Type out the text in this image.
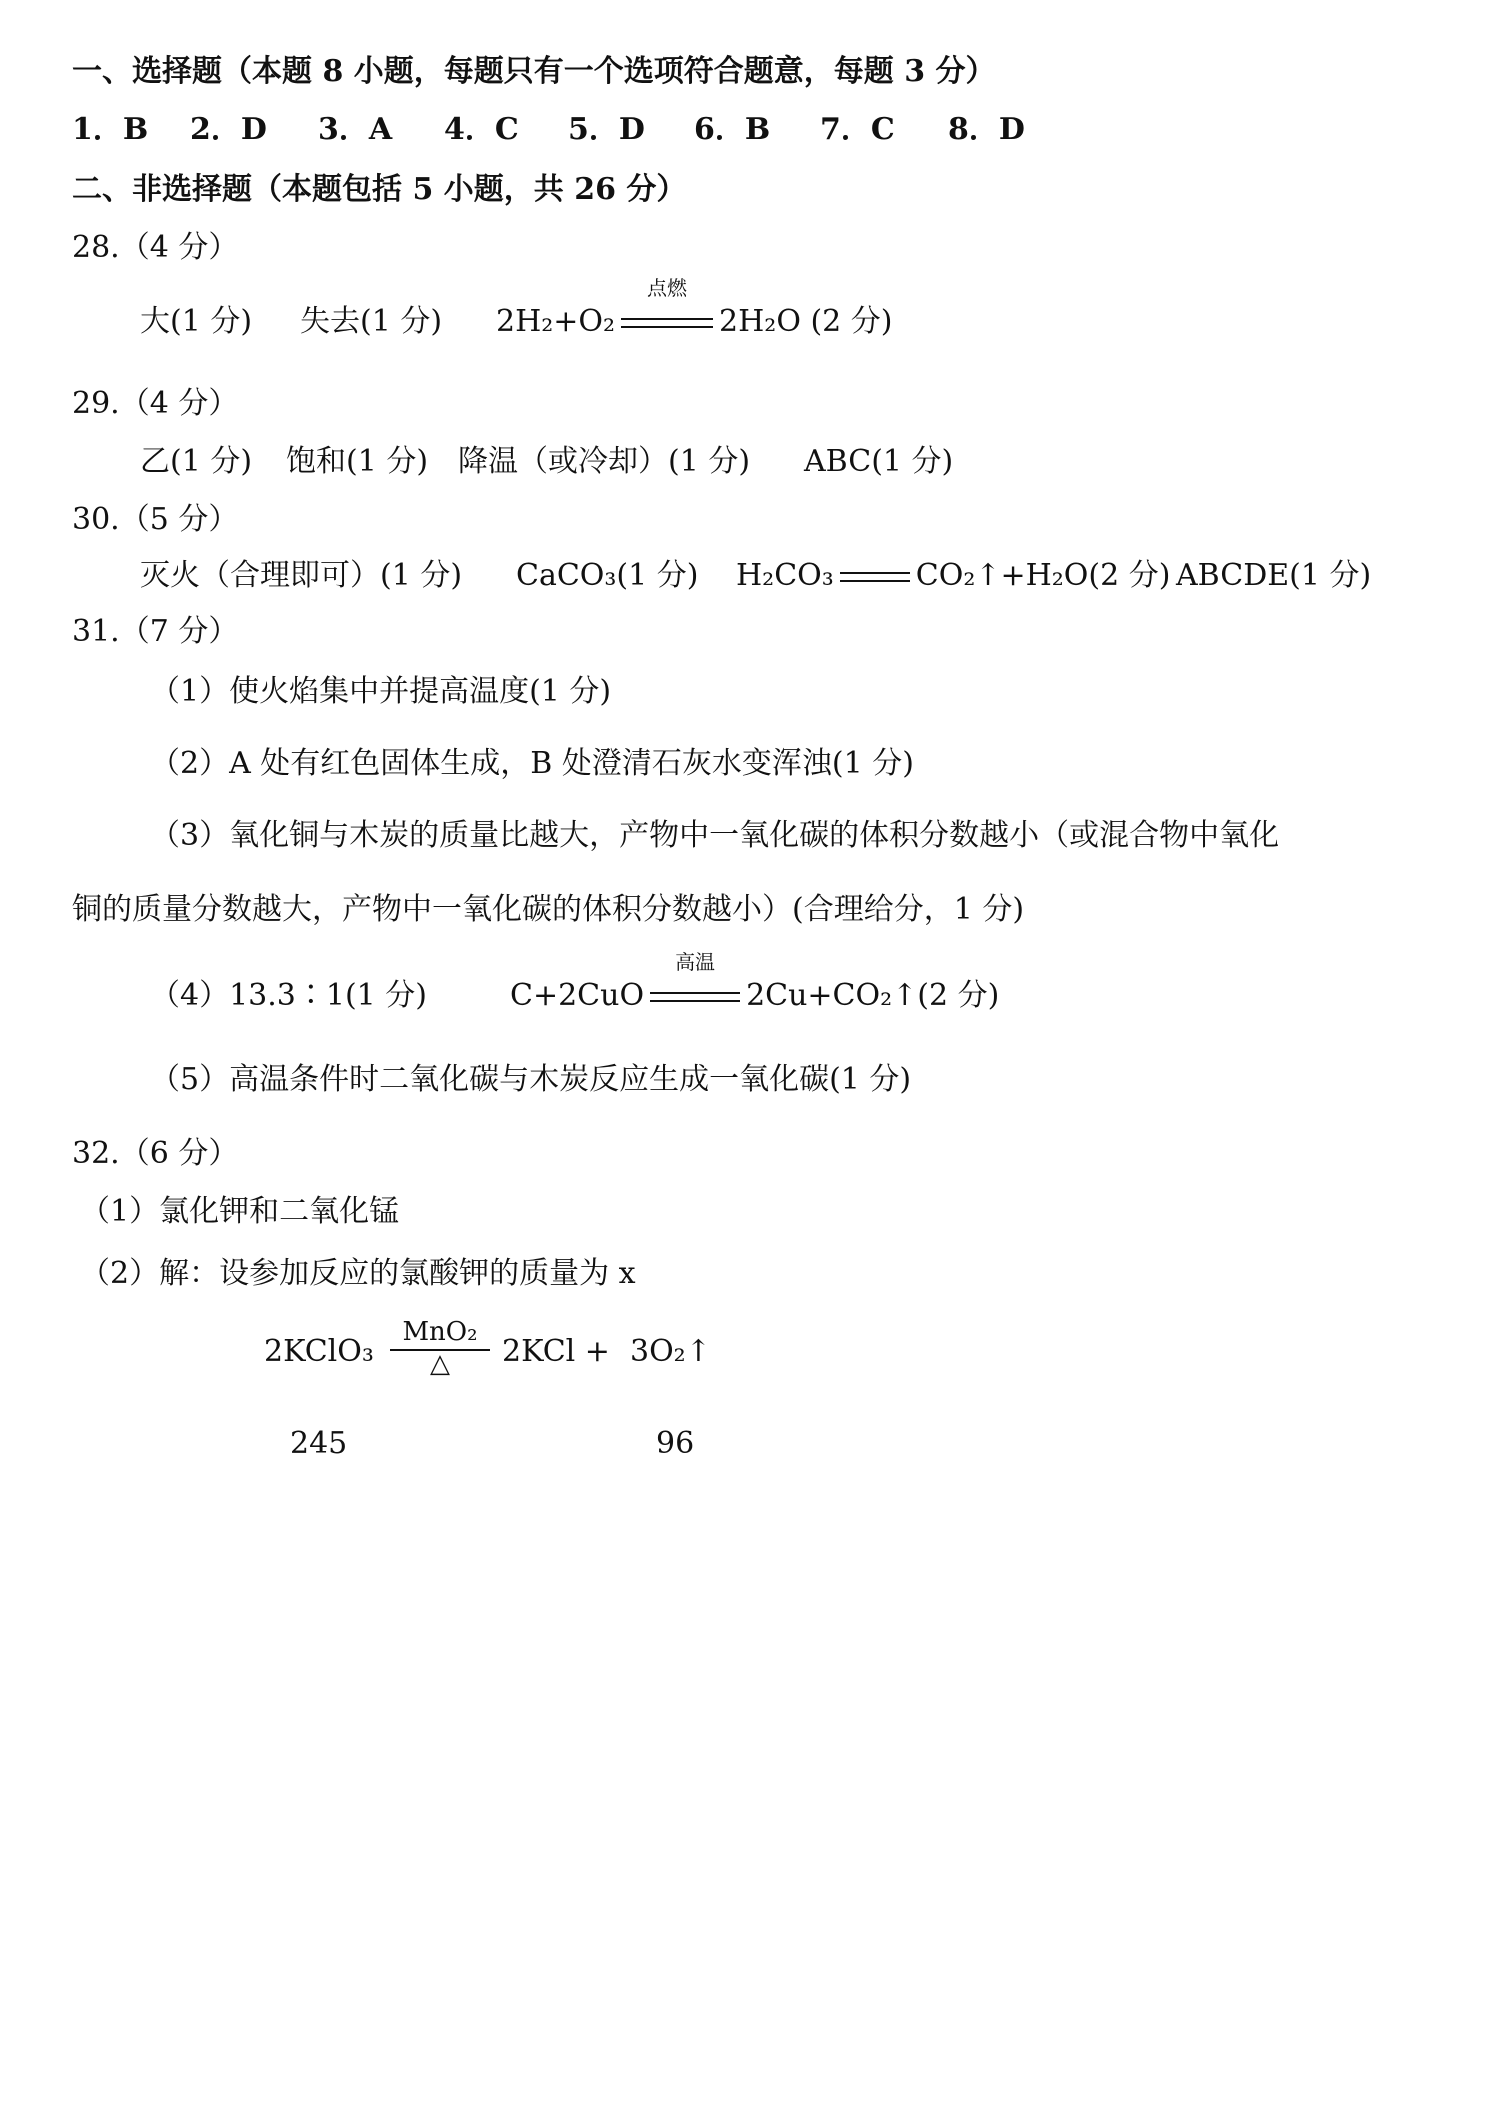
一、选择题（本题 8 小题，每题只有一个选项符合题意，每题 3 分）
1．B 2．D 3．A 4．C 5．D 6．B 7．C 8．D
二、非选择题（本题包括 5 小题，共 26 分）
28.（4 分）
大(1 分) 失去(1 分) 2H₂+O₂
点燃
2H₂O (2 分)
29.（4 分）
乙(1 分) 饱和(1 分) 降温（或冷却）(1 分) ABC(1 分)
30.（5 分）
灭火（合理即可）(1 分) CaCO₃(1 分) H₂CO₃	CO₂↑+H₂O(2 分) ABCDE(1 分)
31.（7 分）
（1）使火焰集中并提高温度(1 分)
（2）A 处有红色固体生成，B 处澄清石灰水变浑浊(1 分)
（3）氧化铜与木炭的质量比越大，产物中一氧化碳的体积分数越小（或混合物中氧化
铜的质量分数越大，产物中一氧化碳的体积分数越小）(合理给分，1 分)
（4）13.3∶1(1 分)	C+2CuO
高温
2Cu+CO₂↑(2 分)
（5）高温条件时二氧化碳与木炭反应生成一氧化碳(1 分)
32.（6 分）
（1）氯化钾和二氧化锰
（2）解：设参加反应的氯酸钾的质量为 x
2KClO₃ $\frac{\text{MnO₂}}{\triangle} 2KCl$ + 3O₂↑
245	96
